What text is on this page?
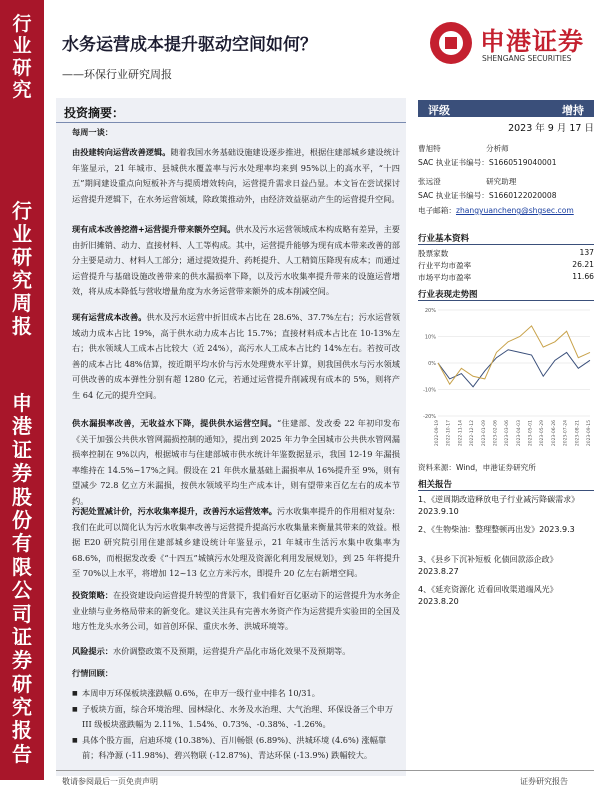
行
业
研
究
行
业
研
究
周
报
申
港
证
券
股
份
有
限
公
司
证
券
研
究
报
告
水务运营成本提升驱动空间如何？
——环保行业研究周报
申港证券
SHENGANG SECURITIES
投资摘要：
每周一谈：
由投建转向运营改善逻辑。随着我国水务基础设施建设逐步推进，根据住建部城乡建设统计年鉴显示，21 年城市、县城供水覆盖率与污水处理率均来到 95%以上的高水平，“十四五”期间建设重点向短板补齐与提质增效转向，运营提升需求日益凸显。本文旨在尝试探讨运营提升逻辑下，在水务运营领域，除政策推动外，由经济效益驱动产生的运营提升空间。
现有成本改善挖潜+运营提升带来额外空间。供水及污水运营领域成本构成略有差异，主要由折旧摊销、动力、直接材料、人工等构成。其中，运营提升能够为现有成本带来改善的部分主要是动力、材料人工部分；通过提效提升、药耗提升、人工精简压降现有成本；而通过运营提升与基础设施改善带来的供水漏损率下降，以及污水收集率提升带来的设施运营增效，将从成本降低与营收增量角度为水务运营带来额外的成本削减空间。
现有运营成本改善。供水及污水运营中折旧成本占比在 28.6%、37.7%左右；污水运营领域动力成本占比 19%，高于供水动力成本占比 15.7%；直接材料成本占比在 10-13%左右；供水领域人工成本占比较大（近 24%），高污水人工成本占比约 14%左右。若按可改善的成本占比 48%估算，按近期平均水价与污水处理费水平计算，则我国供水与污水领域可供改善的成本弹性分别有超 1280 亿元，若通过运营提升削减现有成本的 5%，则将产生 64 亿元的提升空间。
供水漏损率改善，无收益水下降，提供供水运营空间。“住建部、发改委 22 年初印发布《关于加强公共供水管网漏损控制的通知》，提出到 2025 年力争全国城市公共供水管网漏损率控制在 9%以内，根据城市与住建部城市供水统计年鉴数据显示，我国 12-19 年漏损率维持在 14.5%~17%之间。假设在 21 年供水量基础上漏损率从 16%提升至 9%，则有望减少 72.8 亿立方米漏损，按供水领域平均生产成本计，则有望带来百亿左右的成本节约。
污泥处置减计价，污水收集率提升，改善污水运营效率。污水收集率提升的作用相对复杂：我们在此可以简化认为污水收集率改善与运营提升提高污水收集量来衡量其带来的效益。根据 E20 研究院引用住建部城乡建设统计年鉴显示，21 年城市生活污水集中收集率为 68.6%，而根据发改委《“十四五”城镇污水处理及资源化利用发展规划》，到 25 年将提升至 70%以上水平，将增加 12~13 亿立方米污水，即提升 20 亿左右新增空间。
投资策略：在投资建设向运营提升转型的背景下，我们看好百亿驱动下的运营提升为水务企业业绩与业务格局带来的新变化。建议关注具有完善水务资产作为运营提升实验田的全国及地方性龙头水务公司，如首创环保、重庆水务、洪城环境等。
风险提示：水价调整政策不及预期，运营提升产品化市场化效果不及预期等。
行情回顾：
■ 本周申万环保板块涨跌幅 0.6%，在申万一级行业中排名 10/31。
■ 子板块方面，综合环境治理、园林绿化、水务及水治理、大气治理、环保设备三个申万 III 级板块涨跌幅为 2.11%、1.54%、0.73%、-0.38%、-1.26%。
■ 具体个股方面，启迪环境 (10.38%)、百川畅银 (6.89%)、洪城环境 (4.6%) 涨幅靠前；科净源 (-11.98%)、碧兴物联 (-12.87%)、青达环保 (-13.9%) 跌幅较大。
评级	增持
2023 年 9 月 17 日
曹旭特	分析师
SAC 执业证书编号：S1660519040001
张远澄	研究助理
SAC 执业证书编号：S1660122020008
电子邮箱：zhangyuancheng@shgsec.com
行业基本资料
股票家数	137
行业平均市盈率	26.21
市场平均市盈率	11.66
行业表现走势图
-20%
-10%
0%
10%
20%
2022-09-19 2022-10-17 2022-11-14 2022-12-12 2023-01-09 2023-02-06 2023-03-06 2023-04-03 2023-05-01 2023-05-29 2023-06-26 2023-07-24 2023-08-21 2023-09-15
资料来源：Wind，申港证券研究所
相关报告
1、《逆周期改造释放电子行业减污降碳需求》2023.9.10
2、《生物柴油：整理整顿再出发》2023.9.3
3、《县乡下沉补短板 化债回款添企政》2023.8.27
4、《延充资源化 近看回收渠道端风光》2023.8.20
敬请参阅最后一页免责声明	证券研究报告
